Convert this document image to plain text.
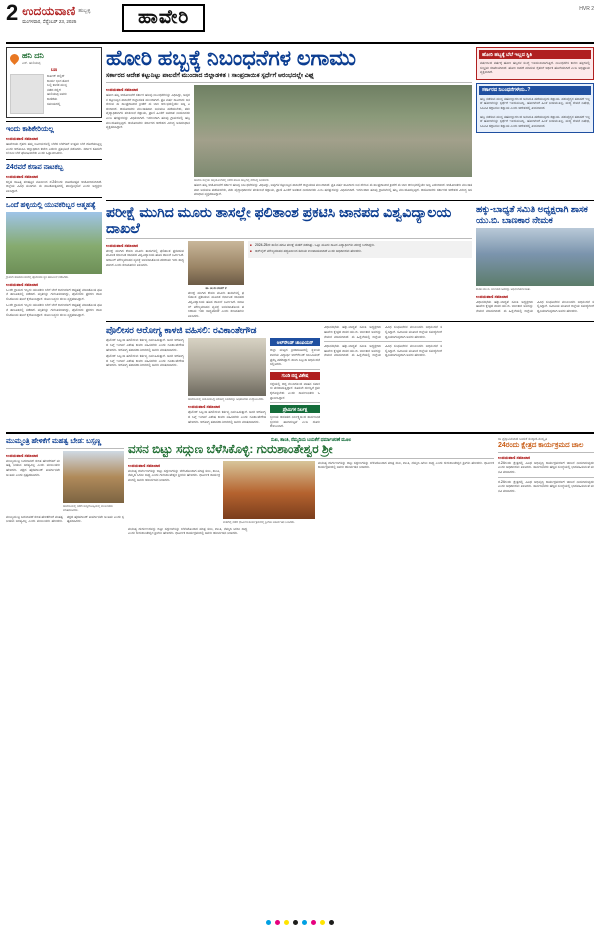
2 ಉದಯವಾಣಿ
ಮಂಗಳವಾರ, ಸೆಪ್ಟೆಂಬರ್ 23, 2025
ಹುಬ್ಬಳ್ಳಿ	ಹಾವೇರಿ	HVR 2
ಹನಿ ದನಿ
ಎಸ್. ಹುಲಿಯಪ್ಪ
ಬಣ
ಕಾರ್ತಿಕ್ ಬಿಲ್ಲಿಸ್
ಕಾರ್ಯ ಭಾರ ತೋರ
ಬಲ್ಲಿ ಕಾಣಿಕ ಮುನ್ನ
ನಡೆದ ಕಣ್ಣಿಗೆ
ಹುಲಿಯಪ್ಪ ಅವರು
ಕಾಣಿಕೆಯ
ಸಮಯದಲ್ಲಿ
ಇಂದು ಕಾಶಿಕೇರಿಯಲ್ಲ
ಉದಯವಾಣಿ ಸಮಾಚಾರ
ಹಾವೇರಿಯ ರೈತರು ತಮ್ಮ ಜಮೀನುಗಳಲ್ಲಿ ಬೆಳೆದ ಬೆಳೆಗಳಿಗೆ ಉತ್ತಮ ಬೆಲೆ ದೊರೆಯುತ್ತಿಲ್ಲ ಎಂದು ಆರೋಪಿಸಿ ಜಿಲ್ಲಾಧಿಕಾರಿ ಕಚೇರಿ ಎದುರು ಪ್ರತಿಭಟನೆ ನಡೆಸಿದರು. ಸರ್ಕಾರ ಕೂಡಲೇ ಬೆಂಬಲ ಬೆಲೆ ಘೋಷಿಸಬೇಕು ಎಂದು ಒತ್ತಾಯಿಸಿದರು.
24ರವರೆ ಕಸಾಪ ನಾಟಕಬ್ಬ
ಉದಯವಾಣಿ ಸಮಾಚಾರ
ಕನ್ನಡ ಸಾಹಿತ್ಯ ಪರಿಷತ್ತಿನ ವತಿಯಿಂದ ಸೆ.24ರಂದು ನಾಟಕೋತ್ಸವ ಆಯೋಜಿಸಲಾಗಿದೆ. ಜಿಲ್ಲೆಯ ವಿವಿಧ ತಂಡಗಳು ಈ ನಾಟಕೋತ್ಸವದಲ್ಲಿ ಪಾಲ್ಗೊಳ್ಳಲಿವೆ ಎಂದು ಅಧ್ಯಕ್ಷರು ತಿಳಿಸಿದ್ದಾರೆ.
ಒಂದೆ ಹಳ್ಳಿಯಲ್ಲಿ ಯುವಕರಿಬ್ಬರ ಆತ್ಮಹತ್ಯೆ
ಗ್ರಾಮದ ಹೊರವಲಯದಲ್ಲಿ ಪೊಲೀಸರು ಸ್ಥಳ ಪರಿಶೀಲನೆ ನಡೆಸಿದರು.
ಉದಯವಾಣಿ ಸಮಾಚಾರ
ಒಂದೇ ಗ್ರಾಮದ ಇಬ್ಬರು ಯುವಕರು ಬೇರೆ ಬೇರೆ ಕಾರಣಗಳಿಗೆ ಆತ್ಮಹತ್ಯೆ ಮಾಡಿಕೊಂಡ ಘಟನೆ ತಾಲೂಕಿನಲ್ಲಿ ನಡೆದಿದೆ. ಮೃತರನ್ನು ಗುರುತಿಸಲಾಗಿದ್ದು, ಪೊಲೀಸರು ಪ್ರಕರಣ ದಾಖಲಿಸಿಕೊಂಡು ತನಿಖೆ ಕೈಗೊಂಡಿದ್ದಾರೆ. ಕುಟುಂಬಸ್ಥರು ದುಃಖ ವ್ಯಕ್ತಪಡಿಸಿದ್ದಾರೆ.
ಒಂದೇ ಗ್ರಾಮದ ಇಬ್ಬರು ಯುವಕರು ಬೇರೆ ಬೇರೆ ಕಾರಣಗಳಿಗೆ ಆತ್ಮಹತ್ಯೆ ಮಾಡಿಕೊಂಡ ಘಟನೆ ತಾಲೂಕಿನಲ್ಲಿ ನಡೆದಿದೆ. ಮೃತರನ್ನು ಗುರುತಿಸಲಾಗಿದ್ದು, ಪೊಲೀಸರು ಪ್ರಕರಣ ದಾಖಲಿಸಿಕೊಂಡು ತನಿಖೆ ಕೈಗೊಂಡಿದ್ದಾರೆ. ಕುಟುಂಬಸ್ಥರು ದುಃಖ ವ್ಯಕ್ತಪಡಿಸಿದ್ದಾರೆ.
ಹೋರಿ ಹಬ್ಬಕ್ಕೆ ನಿಬಂಧನೆಗಳ ಲಗಾಮು
ಸರ್ಕಾರದ ಆದೇಶ ಕಟ್ಟುನಿಟ್ಟು ಪಾಲನೆಗೆ ಮುಂದಾದ ಜಿಲ್ಲಾಡಳಿತ । ಸಾಂಪ್ರದಾಯಿಕ ಸ್ಪರ್ಧೆಗೆ ಆರಂಭದಲ್ಲೇ ವಿಘ್ನ
ಉದಯವಾಣಿ ಸಮಾಚಾರ
ಹೋರಿ ಹಬ್ಬ ಆಯೋಜನೆಗೆ ಸರ್ಕಾರ ಹಲವು ನಿಬಂಧನೆಗಳನ್ನು ವಿಧಿಸಿದ್ದು, ಅವುಗಳ ಕಟ್ಟುನಿಟ್ಟಿನ ಪಾಲನೆಗೆ ಜಿಲ್ಲಾಡಳಿತ ಮುಂದಾಗಿದೆ. ಪ್ರತಿ ವರ್ಷ ಸಾವಿರಾರು ಜನ ಸೇರುವ ಈ ಸಾಂಪ್ರದಾಯಿಕ ಕ್ರೀಡೆಗೆ ಈ ಬಾರಿ ಆರಂಭದಲ್ಲಿಯೇ ಅಡ್ಡಿ ಎದುರಾಗಿದೆ. ಆಯೋಜಕರು ಮುಂಚಿತವಾಗಿ ಅನುಮತಿ ಪಡೆಯಬೇಕು, ಪಶು ವೈದ್ಯಾಧಿಕಾರಿಗಳ ಪರಿಶೀಲನೆ ಕಡ್ಡಾಯ, ಪ್ರಾಣಿ ಹಿಂಸೆಗೆ ಅವಕಾಶ ನೀಡಬಾರದು ಎಂಬ ಷರತ್ತುಗಳನ್ನು ವಿಧಿಸಲಾಗಿದೆ. ಇದರಿಂದಾಗಿ ಹಲವು ಗ್ರಾಮಗಳಲ್ಲಿ ಹಬ್ಬ ಮುಂದೂಡಲ್ಪಟ್ಟಿದೆ. ಆಯೋಜಕರು ಸರ್ಕಾರದ ಆದೇಶದ ವಿರುದ್ಧ ಅಸಮಾಧಾನ ವ್ಯಕ್ತಪಡಿಸಿದ್ದಾರೆ.
ಹಾವೇರಿ ಜಿಲ್ಲೆಯ ಹಳ್ಳಿಯೊಂದರಲ್ಲಿ ನಡೆದ ಹೋರಿ ಹಬ್ಬದಲ್ಲಿ ನೆರೆದಿದ್ದ ಜನಸಾಗರ.
ಹೋರಿ ಹಬ್ಬ ಆಯೋಜನೆಗೆ ಸರ್ಕಾರ ಹಲವು ನಿಬಂಧನೆಗಳನ್ನು ವಿಧಿಸಿದ್ದು, ಅವುಗಳ ಕಟ್ಟುನಿಟ್ಟಿನ ಪಾಲನೆಗೆ ಜಿಲ್ಲಾಡಳಿತ ಮುಂದಾಗಿದೆ. ಪ್ರತಿ ವರ್ಷ ಸಾವಿರಾರು ಜನ ಸೇರುವ ಈ ಸಾಂಪ್ರದಾಯಿಕ ಕ್ರೀಡೆಗೆ ಈ ಬಾರಿ ಆರಂಭದಲ್ಲಿಯೇ ಅಡ್ಡಿ ಎದುರಾಗಿದೆ. ಆಯೋಜಕರು ಮುಂಚಿತವಾಗಿ ಅನುಮತಿ ಪಡೆಯಬೇಕು, ಪಶು ವೈದ್ಯಾಧಿಕಾರಿಗಳ ಪರಿಶೀಲನೆ ಕಡ್ಡಾಯ, ಪ್ರಾಣಿ ಹಿಂಸೆಗೆ ಅವಕಾಶ ನೀಡಬಾರದು ಎಂಬ ಷರತ್ತುಗಳನ್ನು ವಿಧಿಸಲಾಗಿದೆ. ಇದರಿಂದಾಗಿ ಹಲವು ಗ್ರಾಮಗಳಲ್ಲಿ ಹಬ್ಬ ಮುಂದೂಡಲ್ಪಟ್ಟಿದೆ. ಆಯೋಜಕರು ಸರ್ಕಾರದ ಆದೇಶದ ವಿರುದ್ಧ ಅಸಮಾಧಾನ ವ್ಯಕ್ತಪಡಿಸಿದ್ದಾರೆ.
ಹೋರಿ ಹಬ್ಬಕ್ಕೆ ಬೆಲೆ ಇಲ್ಲದ ಸ್ಥಿತಿ
ವರ್ಷದಿಂದ ವರ್ಷಕ್ಕೆ ಹೋರಿ ಹಬ್ಬಗಳ ಸಂಖ್ಯೆ ಇಳಿಮುಖವಾಗುತ್ತಿದೆ. ನಿಬಂಧನೆಗಳ ಕಾರಣ ಹಳ್ಳಿಗಳಲ್ಲಿ ಸಂಭ್ರಮ ಕಡಿಮೆಯಾಗಿದೆ. ಹೋರಿ ಸಾಕಣೆ ಮಾಡುವ ರೈತರಿಗೆ ಆರ್ಥಿಕ ಹೊರೆಯಾಗಿದೆ ಎಂಬ ಅಭಿಪ್ರಾಯ ವ್ಯಕ್ತವಾಗಿದೆ.
ಸರ್ಕಾರದ ನಿಬಂಧನೆಗಳೇನು..?
ಹಬ್ಬ ನಡೆಸುವ ಮುನ್ನ ತಹಶೀಲ್ದಾರರಿಂದ ಅನುಮತಿ ಪಡೆಯುವುದು ಕಡ್ಡಾಯ. ಪಶುವೈದ್ಯರ ತಪಾಸಣೆ ಇಲ್ಲದೆ ಹೋರಿಗಳನ್ನು ಸ್ಪರ್ಧೆಗೆ ಇಳಿಸುವಂತಿಲ್ಲ. ಹೋರಿಗಳಿಗೆ ಹಿಂಸೆ ನೀಡುವಂತಿಲ್ಲ, ಮದ್ಯ ಸೇವನೆ ನಿಷೇಧ, ಸಿಸಿಟಿವಿ ಕಣ್ಗಾವಲು ಕಡ್ಡಾಯ ಎಂದು ಆದೇಶದಲ್ಲಿ ತಿಳಿಸಲಾಗಿದೆ.
ಹಬ್ಬ ನಡೆಸುವ ಮುನ್ನ ತಹಶೀಲ್ದಾರರಿಂದ ಅನುಮತಿ ಪಡೆಯುವುದು ಕಡ್ಡಾಯ. ಪಶುವೈದ್ಯರ ತಪಾಸಣೆ ಇಲ್ಲದೆ ಹೋರಿಗಳನ್ನು ಸ್ಪರ್ಧೆಗೆ ಇಳಿಸುವಂತಿಲ್ಲ. ಹೋರಿಗಳಿಗೆ ಹಿಂಸೆ ನೀಡುವಂತಿಲ್ಲ, ಮದ್ಯ ಸೇವನೆ ನಿಷೇಧ, ಸಿಸಿಟಿವಿ ಕಣ್ಗಾವಲು ಕಡ್ಡಾಯ ಎಂದು ಆದೇಶದಲ್ಲಿ ತಿಳಿಸಲಾಗಿದೆ.
ಪರೀಕ್ಷೆ ಮುಗಿದ ಮೂರು ತಾಸಲ್ಲೇ ಫಲಿತಾಂಶ ಪ್ರಕಟಿಸಿ ಜಾನಪದ ವಿಶ್ವವಿದ್ಯಾಲಯ ದಾಖಲೆ
ಉದಯವಾಣಿ ಸಮಾಚಾರ
ಪರೀಕ್ಷೆ ಮುಗಿದ ಕೇವಲ ಮೂರು ತಾಸುಗಳಲ್ಲಿ ಫಲಿತಾಂಶ ಪ್ರಕಟಿಸುವ ಮೂಲಕ ಕರ್ನಾಟಕ ಜಾನಪದ ವಿಶ್ವವಿದ್ಯಾಲಯ ಹೊಸ ದಾಖಲೆ ನಿರ್ಮಿಸಿದೆ. ಡಿಜಿಟಲ್ ಮೌಲ್ಯಮಾಪನ ವ್ಯವಸ್ಥೆ ಅಳವಡಿಸಿಕೊಂಡ ಪರಿಣಾಮ ಇದು ಸಾಧ್ಯವಾಗಿದೆ ಎಂದು ಕುಲಪತಿಗಳು ತಿಳಿಸಿದರು.
ಡಾ. ತೀ.ನಂ ಶಂಕರ್ ಕೆ
ಪರೀಕ್ಷೆ ಮುಗಿದ ಕೇವಲ ಮೂರು ತಾಸುಗಳಲ್ಲಿ ಫಲಿತಾಂಶ ಪ್ರಕಟಿಸುವ ಮೂಲಕ ಕರ್ನಾಟಕ ಜಾನಪದ ವಿಶ್ವವಿದ್ಯಾಲಯ ಹೊಸ ದಾಖಲೆ ನಿರ್ಮಿಸಿದೆ. ಡಿಜಿಟಲ್ ಮೌಲ್ಯಮಾಪನ ವ್ಯವಸ್ಥೆ ಅಳವಡಿಸಿಕೊಂಡ ಪರಿಣಾಮ ಇದು ಸಾಧ್ಯವಾಗಿದೆ ಎಂದು ಕುಲಪತಿಗಳು ತಿಳಿಸಿದರು.
■ 2024-25ನೇ ಸಾಲಿನ ಪದವಿ ಪರೀಕ್ಷೆ ಈಚೆಗೆ ನಡೆದಿತ್ತು. ಒಟ್ಟು ಮೂರು ಸಾವಿರ ವಿದ್ಯಾರ್ಥಿಗಳು ಪರೀಕ್ಷೆ ಬರೆದಿದ್ದರು.
■ ಆನ್‌ಲೈನ್ ಮೌಲ್ಯಮಾಪನ ಪದ್ಧತಿಯಿಂದ ಸಮಯ ಉಳಿತಾಯವಾಗಿದೆ ಎಂದು ಅಧಿಕಾರಿಗಳು ಹೇಳಿದರು.
ಹಕ್ಕು-ಬಾಧ್ಯತೆ ಸಮಿತಿ ಅಧ್ಯಕ್ಷರಾಗಿ ಶಾಸಕ ಯು.ಬಿ. ಬಾಣಕಾರ ನೇಮಕ
ಶಾಸಕ ಯು.ಬಿ. ಬಾಣಕಾರ ಅವರನ್ನು ಅಭಿನಂದಿಸಲಾಯಿತು.
ಉದಯವಾಣಿ ಸಮಾಚಾರ
ವಿಧಾನಸಭೆಯ ಹಕ್ಕು-ಬಾಧ್ಯತೆ ಸಮಿತಿ ಅಧ್ಯಕ್ಷರಾಗಿ ಹಾವೇರಿ ಕ್ಷೇತ್ರದ ಶಾಸಕ ಯು.ಬಿ. ಬಾಣಕಾರ ಅವರನ್ನು ನೇಮಕ ಮಾಡಲಾಗಿದೆ. ಈ ಹಿನ್ನೆಲೆಯಲ್ಲಿ ಜಿಲ್ಲೆಯ ವಿವಿಧ ಸಂಘಟನೆಗಳ ಮುಖಂಡರು ಅಭಿನಂದನೆ ಸಲ್ಲಿಸಿದ್ದಾರೆ. ಸಮಿತಿಯ ಮೂಲಕ ಜಿಲ್ಲೆಯ ಸಮಸ್ಯೆಗಳಿಗೆ ಧ್ವನಿಯಾಗುವುದಾಗಿ ಅವರು ಹೇಳಿದರು.
ಪೊಲೀಸರ ಆರೋಗ್ಯ ಕಾಳಜಿ ವಹಿಸಲಿ: ರವಿಕಾಂತೇಗೌಡ
ಪೊಲೀಸ್ ಸಿಬ್ಬಂದಿ ಹಗಲಿರುಳು ಕರ್ತವ್ಯ ನಿರ್ವಹಿಸುತ್ತಾರೆ. ಅವರ ಆರೋಗ್ಯದ ಬಗ್ಗೆ ಇಲಾಖೆ ವಿಶೇಷ ಕಾಳಜಿ ವಹಿಸಬೇಕು ಎಂದು ರವಿಕಾಂತೇಗೌಡ ಹೇಳಿದರು. ಆರೋಗ್ಯ ತಪಾಸಣಾ ಶಿಬಿರದಲ್ಲಿ ಅವರು ಮಾತನಾಡಿದರು.
ಪೊಲೀಸ್ ಸಿಬ್ಬಂದಿ ಹಗಲಿರುಳು ಕರ್ತವ್ಯ ನಿರ್ವಹಿಸುತ್ತಾರೆ. ಅವರ ಆರೋಗ್ಯದ ಬಗ್ಗೆ ಇಲಾಖೆ ವಿಶೇಷ ಕಾಳಜಿ ವಹಿಸಬೇಕು ಎಂದು ರವಿಕಾಂತೇಗೌಡ ಹೇಳಿದರು. ಆರೋಗ್ಯ ತಪಾಸಣಾ ಶಿಬಿರದಲ್ಲಿ ಅವರು ಮಾತನಾಡಿದರು.
ಹಾವೇರಿಯಲ್ಲಿ ಆಯೋಜಿಸಿದ್ದ ಆರೋಗ್ಯ ಶಿಬಿರವನ್ನು ಅಧಿಕಾರಿಗಳು ಉದ್ಘಾಟಿಸಿದರು.
ಉದಯವಾಣಿ ಸಮಾಚಾರ
ಪೊಲೀಸ್ ಸಿಬ್ಬಂದಿ ಹಗಲಿರುಳು ಕರ್ತವ್ಯ ನಿರ್ವಹಿಸುತ್ತಾರೆ. ಅವರ ಆರೋಗ್ಯದ ಬಗ್ಗೆ ಇಲಾಖೆ ವಿಶೇಷ ಕಾಳಜಿ ವಹಿಸಬೇಕು ಎಂದು ರವಿಕಾಂತೇಗೌಡ ಹೇಳಿದರು. ಆರೋಗ್ಯ ತಪಾಸಣಾ ಶಿಬಿರದಲ್ಲಿ ಅವರು ಮಾತನಾಡಿದರು.
ಆಲ್‌ರೌಂಡ್ ಚಾಂಪಿಯನ್
ಜಿಲ್ಲಾ ಮಟ್ಟದ ಕ್ರೀಡಾಕೂಟದಲ್ಲಿ ಸ್ಥಳೀಯ ಶಾಲೆಯ ವಿದ್ಯಾರ್ಥಿ ಆಲ್‌ರೌಂಡ್ ಚಾಂಪಿಯನ್ ಪ್ರಶಸ್ತಿ ಪಡೆದಿದ್ದಾರೆ. ಶಾಲಾ ಸಿಬ್ಬಂದಿ ಅಭಿನಂದನೆ ಸಲ್ಲಿಸಿದರು.
ಗುಂಡಿ ಬಿದ್ದ ವಿಶೇಷ
ರಸ್ತೆಯಲ್ಲಿ ಬಿದ್ದ ಗುಂಡಿಗಳಿಂದ ವಾಹನ ಸವಾರರು ಪರದಾಡುತ್ತಿದ್ದಾರೆ. ಕೂಡಲೇ ದುರಸ್ತಿಗೆ ಕ್ರಮ ಕೈಗೊಳ್ಳಬೇಕು ಎಂದು ಸಾರ್ವಜನಿಕರು ಒತ್ತಾಯಿಸಿದ್ದಾರೆ.
ಪ್ರೇಮಿಗಳ ನಿರ್ಲಕ್ಷ
ಸ್ಥಳೀಯ ಆಡಳಿತದ ನಿರ್ಲಕ್ಷ್ಯದಿಂದ ಸಾರ್ವಜನಿಕ ಸ್ಥಳಗಳು ಹಾಳಾಗುತ್ತಿವೆ ಎಂಬ ದೂರು ಕೇಳಿಬಂದಿದೆ.
ವಿಧಾನಸಭೆಯ ಹಕ್ಕು-ಬಾಧ್ಯತೆ ಸಮಿತಿ ಅಧ್ಯಕ್ಷರಾಗಿ ಹಾವೇರಿ ಕ್ಷೇತ್ರದ ಶಾಸಕ ಯು.ಬಿ. ಬಾಣಕಾರ ಅವರನ್ನು ನೇಮಕ ಮಾಡಲಾಗಿದೆ. ಈ ಹಿನ್ನೆಲೆಯಲ್ಲಿ ಜಿಲ್ಲೆಯ ವಿವಿಧ ಸಂಘಟನೆಗಳ ಮುಖಂಡರು ಅಭಿನಂದನೆ ಸಲ್ಲಿಸಿದ್ದಾರೆ. ಸಮಿತಿಯ ಮೂಲಕ ಜಿಲ್ಲೆಯ ಸಮಸ್ಯೆಗಳಿಗೆ ಧ್ವನಿಯಾಗುವುದಾಗಿ ಅವರು ಹೇಳಿದರು.
ವಿಧಾನಸಭೆಯ ಹಕ್ಕು-ಬಾಧ್ಯತೆ ಸಮಿತಿ ಅಧ್ಯಕ್ಷರಾಗಿ ಹಾವೇರಿ ಕ್ಷೇತ್ರದ ಶಾಸಕ ಯು.ಬಿ. ಬಾಣಕಾರ ಅವರನ್ನು ನೇಮಕ ಮಾಡಲಾಗಿದೆ. ಈ ಹಿನ್ನೆಲೆಯಲ್ಲಿ ಜಿಲ್ಲೆಯ ವಿವಿಧ ಸಂಘಟನೆಗಳ ಮುಖಂಡರು ಅಭಿನಂದನೆ ಸಲ್ಲಿಸಿದ್ದಾರೆ. ಸಮಿತಿಯ ಮೂಲಕ ಜಿಲ್ಲೆಯ ಸಮಸ್ಯೆಗಳಿಗೆ ಧ್ವನಿಯಾಗುವುದಾಗಿ ಅವರು ಹೇಳಿದರು.
ಮುಮ್ಮಂತ್ರಿ ಹೇಳಿಕೆಗೆ ಮಹತ್ವ ಬೇಡ: ಬಸ್ಸಣ್ಣ
ಉದಯವಾಣಿ ಸಮಾಚಾರ
ಮುಖ್ಯಮಂತ್ರಿ ಬದಲಾವಣೆ ಕುರಿತ ಹೇಳಿಕೆಗಳಿಗೆ ಮಹತ್ವ ನೀಡುವ ಅಗತ್ಯವಿಲ್ಲ ಎಂದು ಮುಖಂಡರು ಹೇಳಿದರು. ಪಕ್ಷದ ಹೈಕಮಾಂಡ್ ತೀರ್ಮಾನವೇ ಅಂತಿಮ ಎಂದು ಸ್ಪಷ್ಟಪಡಿಸಿದರು.
ಹಾವೇರಿಯಲ್ಲಿ ನಡೆದ ಸುದ್ದಿಗೋಷ್ಠಿಯಲ್ಲಿ ಮುಖಂಡರು ಮಾತನಾಡಿದರು.
ಮುಖ್ಯಮಂತ್ರಿ ಬದಲಾವಣೆ ಕುರಿತ ಹೇಳಿಕೆಗಳಿಗೆ ಮಹತ್ವ ನೀಡುವ ಅಗತ್ಯವಿಲ್ಲ ಎಂದು ಮುಖಂಡರು ಹೇಳಿದರು. ಪಕ್ಷದ ಹೈಕಮಾಂಡ್ ತೀರ್ಮಾನವೇ ಅಂತಿಮ ಎಂದು ಸ್ಪಷ್ಟಪಡಿಸಿದರು.
ಸುಖ, ಶಾಂತಿ, ನೆಮ್ಮದಿಯ ಬಯಕೆಗೆ ಧರ್ಮಾಚರಣೆ ಮೂಲ
ವಸನ ಬಿಟ್ಟು ಸದ್ಗುಣ ಬೆಳೆಸಿಕೊಳ್ಳಿ: ಗುರುಶಾಂತೇಶ್ವರ ಶ್ರೀ
ಉದಯವಾಣಿ ಸಮಾಚಾರ
ಮನುಷ್ಯ ದುರ್ಗುಣಗಳನ್ನು ಬಿಟ್ಟು ಸದ್ಗುಣಗಳನ್ನು ಬೆಳೆಸಿಕೊಂಡಾಗ ಮಾತ್ರ ಸುಖ, ಶಾಂತಿ, ನೆಮ್ಮದಿ ಸಿಗಲು ಸಾಧ್ಯ ಎಂದು ಗುರುಶಾಂತೇಶ್ವರ ಶ್ರೀಗಳು ಹೇಳಿದರು. ಧಾರ್ಮಿಕ ಕಾರ್ಯಕ್ರಮದಲ್ಲಿ ಅವರು ಆಶೀರ್ವಚನ ನೀಡಿದರು.
ಮಠದಲ್ಲಿ ನಡೆದ ಧಾರ್ಮಿಕ ಕಾರ್ಯಕ್ರಮದಲ್ಲಿ ಶ್ರೀಗಳು ಆಶೀರ್ವಚನ ನೀಡಿದರು.
ಮನುಷ್ಯ ದುರ್ಗುಣಗಳನ್ನು ಬಿಟ್ಟು ಸದ್ಗುಣಗಳನ್ನು ಬೆಳೆಸಿಕೊಂಡಾಗ ಮಾತ್ರ ಸುಖ, ಶಾಂತಿ, ನೆಮ್ಮದಿ ಸಿಗಲು ಸಾಧ್ಯ ಎಂದು ಗುರುಶಾಂತೇಶ್ವರ ಶ್ರೀಗಳು ಹೇಳಿದರು. ಧಾರ್ಮಿಕ ಕಾರ್ಯಕ್ರಮದಲ್ಲಿ ಅವರು ಆಶೀರ್ವಚನ ನೀಡಿದರು.
ಮನುಷ್ಯ ದುರ್ಗುಣಗಳನ್ನು ಬಿಟ್ಟು ಸದ್ಗುಣಗಳನ್ನು ಬೆಳೆಸಿಕೊಂಡಾಗ ಮಾತ್ರ ಸುಖ, ಶಾಂತಿ, ನೆಮ್ಮದಿ ಸಿಗಲು ಸಾಧ್ಯ ಎಂದು ಗುರುಶಾಂತೇಶ್ವರ ಶ್ರೀಗಳು ಹೇಳಿದರು. ಧಾರ್ಮಿಕ ಕಾರ್ಯಕ್ರಮದಲ್ಲಿ ಅವರು ಆಶೀರ್ವಚನ ನೀಡಿದರು.
ಸಾ ಪ್ರಸ್ತಾಪಿಸಲಾದ ಬಯಕೆ ಸಂಸ್ಕಾರ-ಸಂಸ್ಕೃತಿ
24ರಂದು ಕ್ಷೇತ್ರದ ಕಾರ್ಯಕ್ರಮದ ಚಾಲ
ಉದಯವಾಣಿ ಸಮಾಚಾರ
ಸೆ.24ರಂದು ಕ್ಷೇತ್ರದಲ್ಲಿ ವಿವಿಧ ಅಭಿವೃದ್ಧಿ ಕಾರ್ಯಕ್ರಮಗಳಿಗೆ ಚಾಲನೆ ನೀಡಲಾಗುವುದು ಎಂದು ಅಧಿಕಾರಿಗಳು ತಿಳಿಸಿದರು. ಸಾರ್ವಜನಿಕರು ಹೆಚ್ಚಿನ ಸಂಖ್ಯೆಯಲ್ಲಿ ಭಾಗವಹಿಸುವಂತೆ ಮನವಿ ಮಾಡಿದರು.
ಸೆ.24ರಂದು ಕ್ಷೇತ್ರದಲ್ಲಿ ವಿವಿಧ ಅಭಿವೃದ್ಧಿ ಕಾರ್ಯಕ್ರಮಗಳಿಗೆ ಚಾಲನೆ ನೀಡಲಾಗುವುದು ಎಂದು ಅಧಿಕಾರಿಗಳು ತಿಳಿಸಿದರು. ಸಾರ್ವಜನಿಕರು ಹೆಚ್ಚಿನ ಸಂಖ್ಯೆಯಲ್ಲಿ ಭಾಗವಹಿಸುವಂತೆ ಮನವಿ ಮಾಡಿದರು.
